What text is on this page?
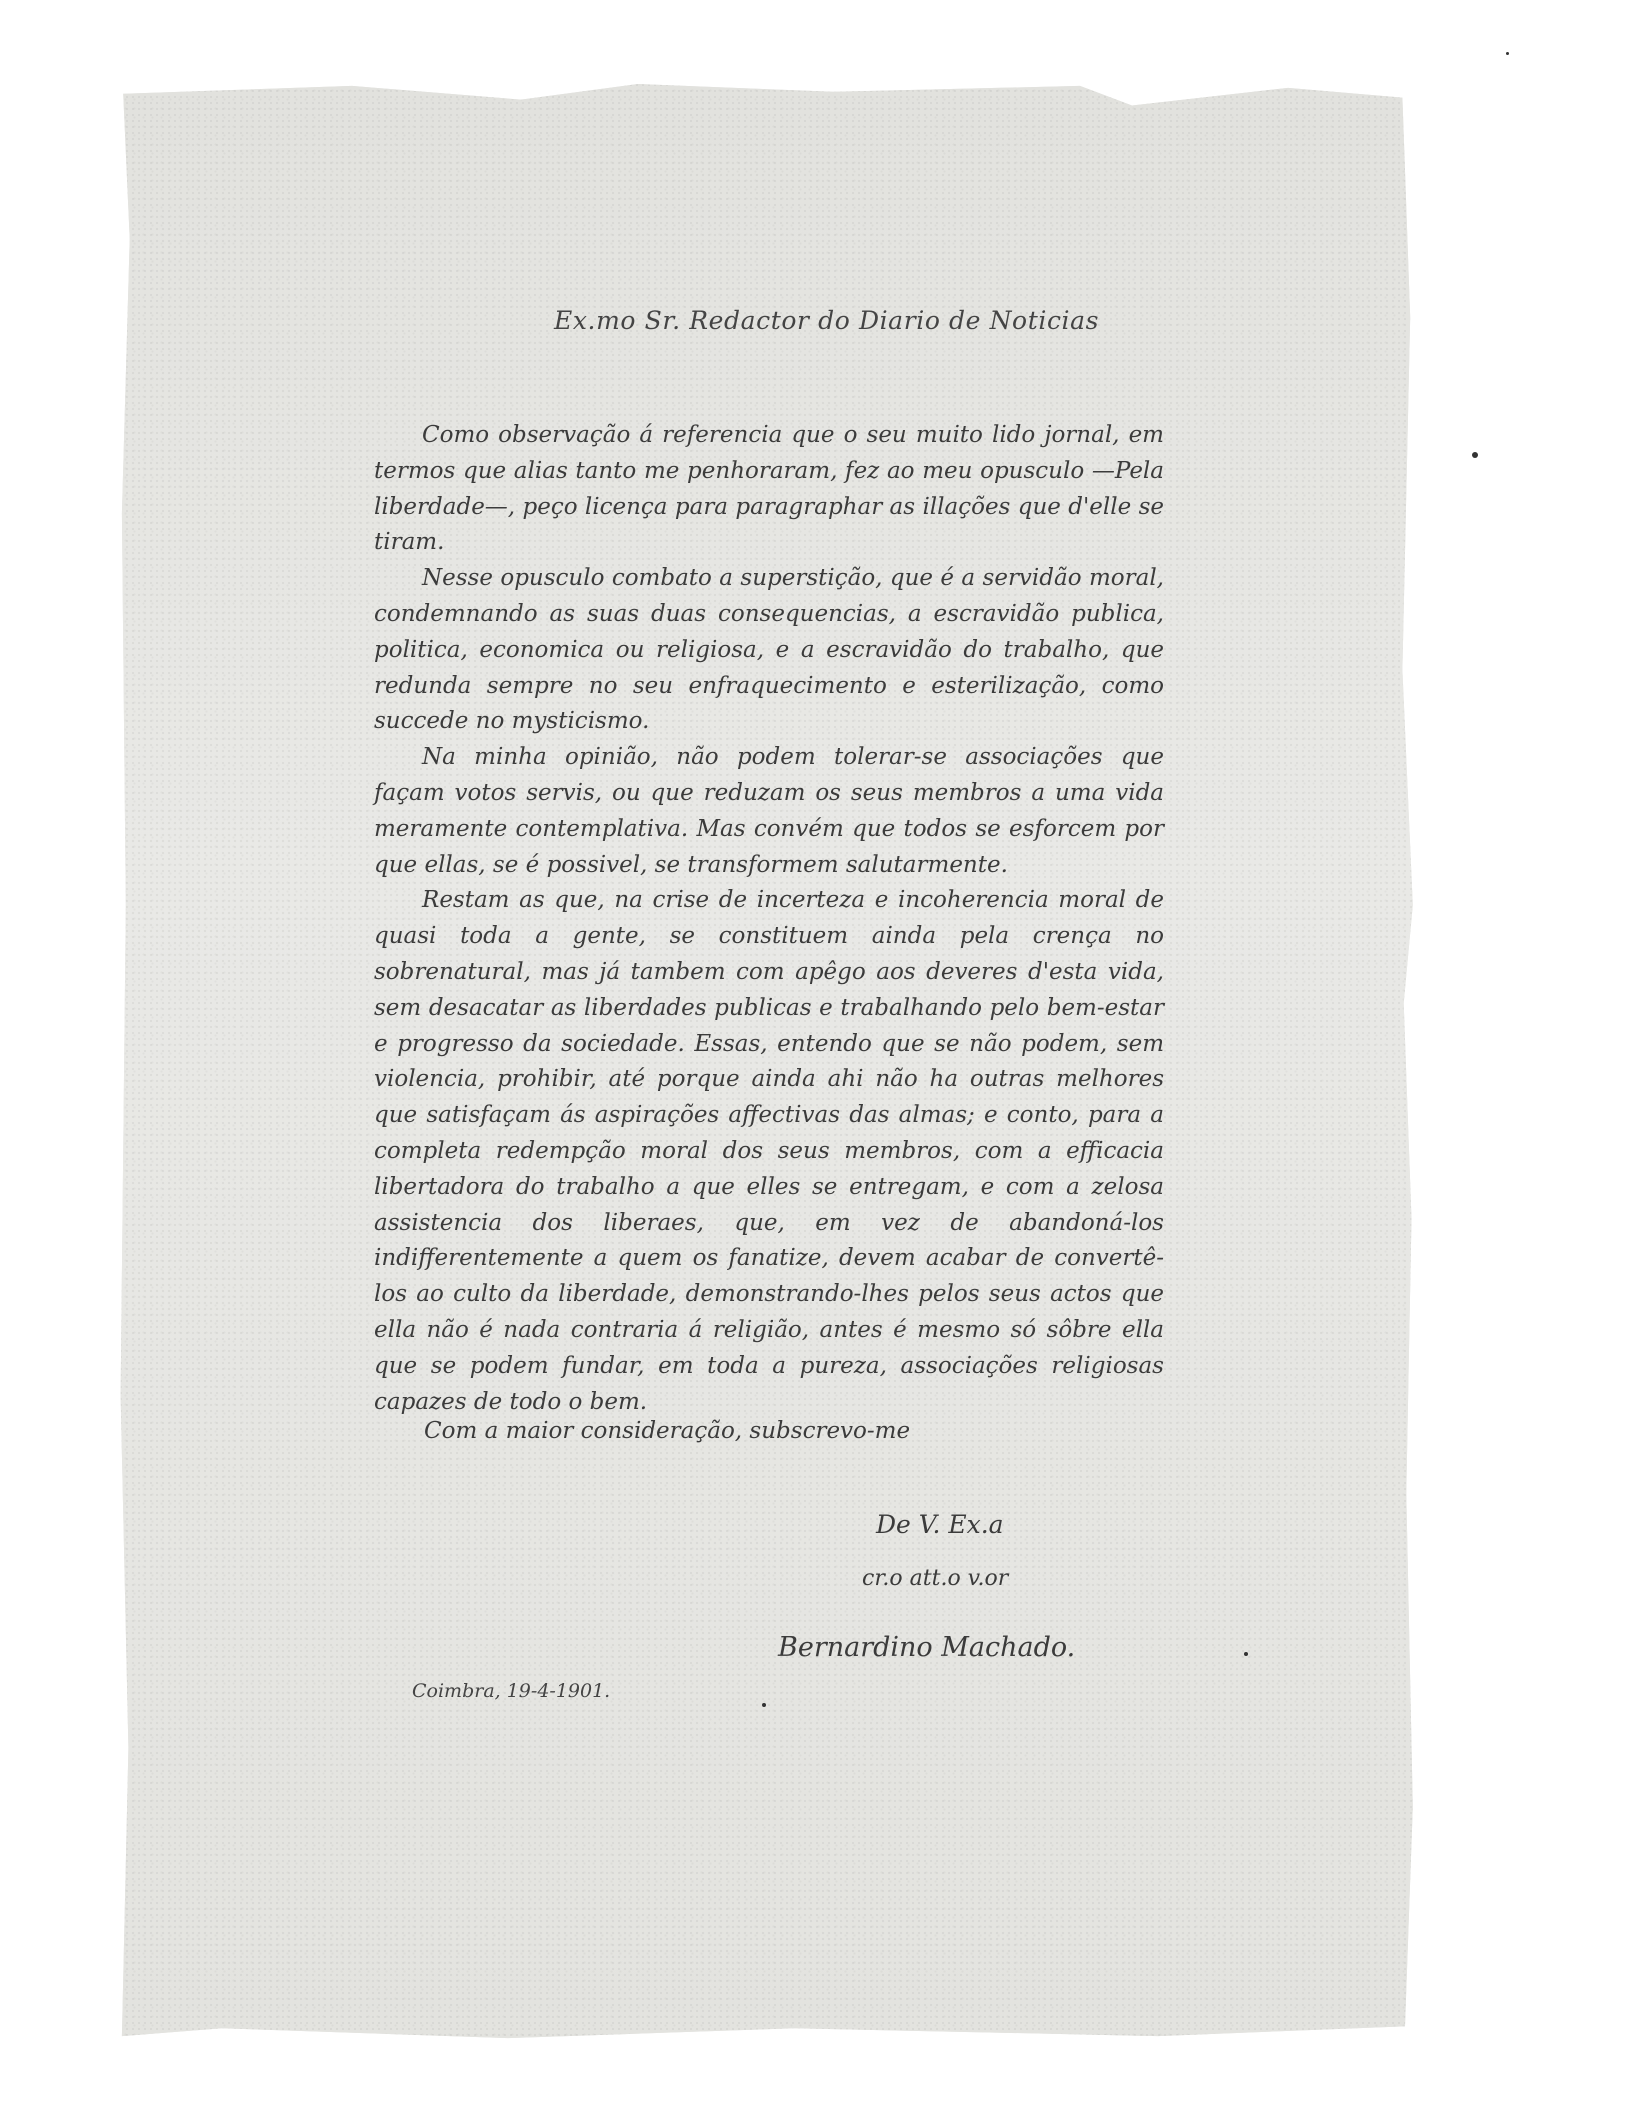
Ex.mo Sr. Redactor do Diario de Noticias

Como observação á referencia que o seu muito lido jornal, em termos que alias tanto me penhoraram, fez ao meu opusculo —Pela liberdade—, peço licença para paragraphar as illações que d'elle se tiram.

Nesse opusculo combato a superstição, que é a servidão moral, condemnando as suas duas consequencias, a escravidão publica, politica, economica ou religiosa, e a escravidão do trabalho, que redunda sempre no seu enfraquecimento e esterilização, como succede no mysticismo.

Na minha opinião, não podem tolerar-se associações que façam votos servis, ou que reduzam os seus membros a uma vida meramente contemplativa. Mas convém que todos se esforcem por que ellas, se é possivel, se transformem salutarmente.

Restam as que, na crise de incerteza e incoherencia moral de quasi toda a gente, se constituem ainda pela crença no sobrenatural, mas já tambem com apêgo aos deveres d'esta vida, sem desacatar as liberdades publicas e trabalhando pelo bem-estar e progresso da sociedade. Essas, entendo que se não podem, sem violencia, prohibir, até porque ainda ahi não ha outras melhores que satisfaçam ás aspirações affectivas das almas; e conto, para a completa redempção moral dos seus membros, com a efficacia libertadora do trabalho a que elles se entregam, e com a zelosa assistencia dos liberaes, que, em vez de abandoná-los indifferentemente a quem os fanatize, devem acabar de convertê-los ao culto da liberdade, demonstrando-lhes pelos seus actos que ella não é nada contraria á religião, antes é mesmo só sôbre ella que se podem fundar, em toda a pureza, associações religiosas capazes de todo o bem.

Com a maior consideração, subscrevo-me
De V. Ex.a
cr.o att.o v.or
Bernardino Machado.
Coimbra, 19-4-1901.
